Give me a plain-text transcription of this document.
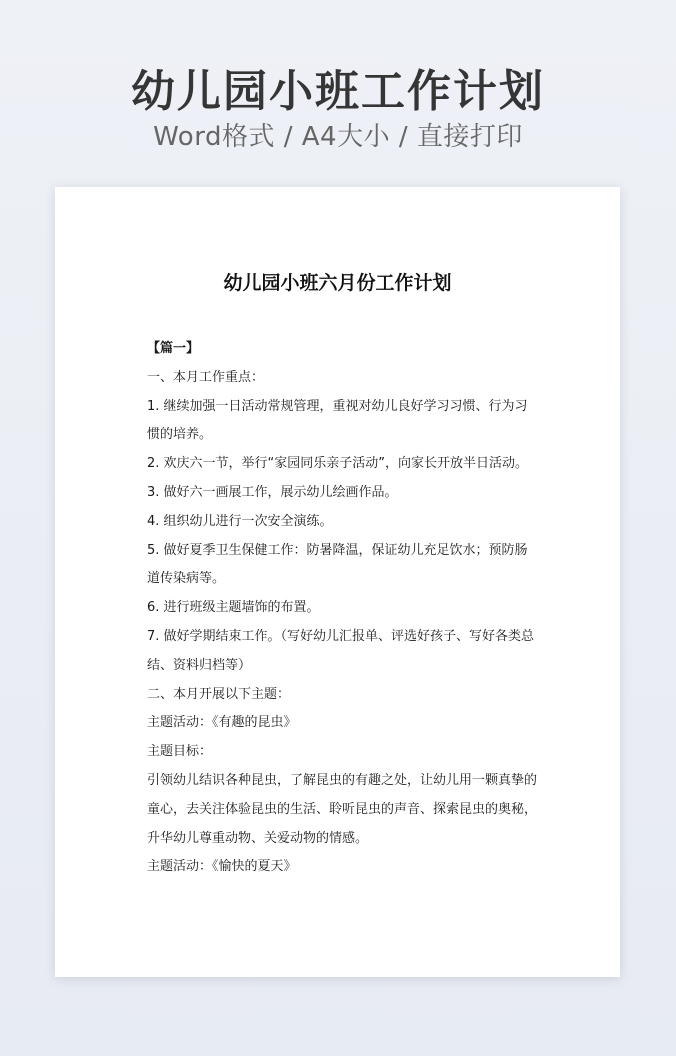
幼儿园小班工作计划
Word格式 / A4大小 / 直接打印
幼儿园小班六月份工作计划

【篇一】

一、本月工作重点：

1. 继续加强一日活动常规管理，重视对幼儿良好学习习惯、行为习惯的培养。

2. 欢庆六一节，举行“家园同乐亲子活动”，向家长开放半日活动。

3. 做好六一画展工作，展示幼儿绘画作品。

4. 组织幼儿进行一次安全演练。

5. 做好夏季卫生保健工作：防暑降温，保证幼儿充足饮水；预防肠道传染病等。

6. 进行班级主题墙饰的布置。

7. 做好学期结束工作。（写好幼儿汇报单、评选好孩子、写好各类总结、资料归档等）

二、本月开展以下主题：

主题活动：《有趣的昆虫》

主题目标：

引领幼儿结识各种昆虫，了解昆虫的有趣之处，让幼儿用一颗真挚的童心，去关注体验昆虫的生活、聆听昆虫的声音、探索昆虫的奥秘，升华幼儿尊重动物、关爱动物的情感。

主题活动：《愉快的夏天》
